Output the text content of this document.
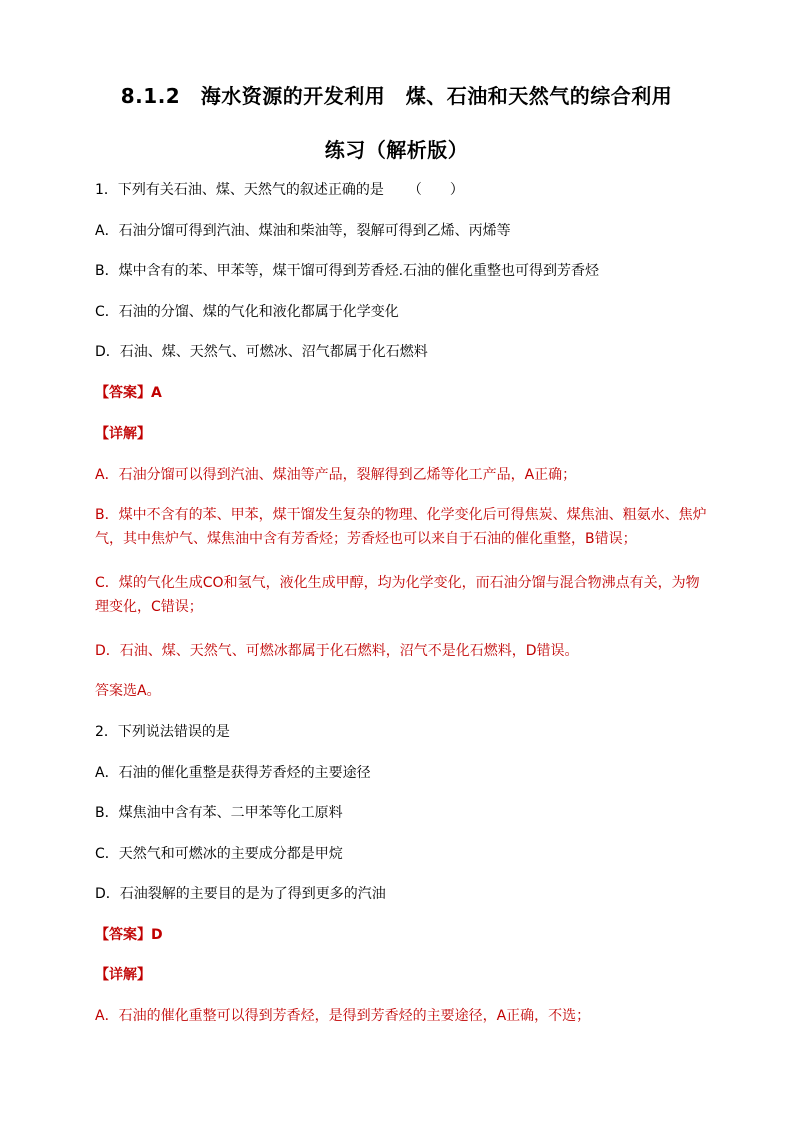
8.1.2　海水资源的开发利用　煤、石油和天然气的综合利用
练习（解析版）
1．下列有关石油、煤、天然气的叙述正确的是 （　　）
A．石油分馏可得到汽油、煤油和柴油等，裂解可得到乙烯、丙烯等
B．煤中含有的苯、甲苯等，煤干馏可得到芳香烃.石油的催化重整也可得到芳香烃
C．石油的分馏、煤的气化和液化都属于化学变化
D．石油、煤、天然气、可燃冰、沼气都属于化石燃料
【答案】A
【详解】
A．石油分馏可以得到汽油、煤油等产品，裂解得到乙烯等化工产品，A正确；
B．煤中不含有的苯、甲苯，煤干馏发生复杂的物理、化学变化后可得焦炭、煤焦油、粗氨水、焦炉气，其中焦炉气、煤焦油中含有芳香烃；芳香烃也可以来自于石油的催化重整，B错误；
C．煤的气化生成CO和氢气，液化生成甲醇，均为化学变化，而石油分馏与混合物沸点有关，为物理变化，C错误；
D．石油、煤、天然气、可燃冰都属于化石燃料，沼气不是化石燃料，D错误。
答案选A。
2．下列说法错误的是
A．石油的催化重整是获得芳香烃的主要途径
B．煤焦油中含有苯、二甲苯等化工原料
C．天然气和可燃冰的主要成分都是甲烷
D．石油裂解的主要目的是为了得到更多的汽油
【答案】D
【详解】
A．石油的催化重整可以得到芳香烃，是得到芳香烃的主要途径，A正确，不选；
